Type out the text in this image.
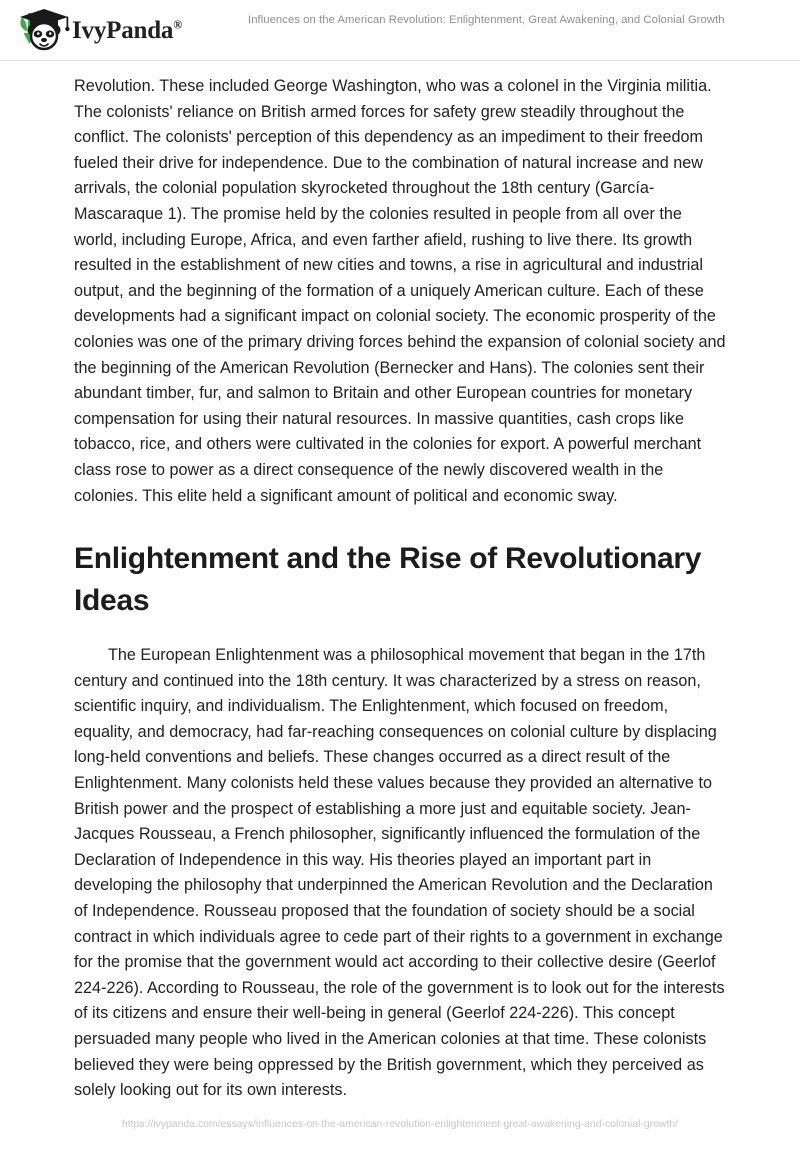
IvyPanda®	Influences on the American Revolution: Enlightenment, Great Awakening, and Colonial Growth

Revolution. These included George Washington, who was a colonel in the Virginia militia. The colonists' reliance on British armed forces for safety grew steadily throughout the conflict. The colonists' perception of this dependency as an impediment to their freedom fueled their drive for independence. Due to the combination of natural increase and new arrivals, the colonial population skyrocketed throughout the 18th century (García-Mascaraque 1). The promise held by the colonies resulted in people from all over the world, including Europe, Africa, and even farther afield, rushing to live there. Its growth resulted in the establishment of new cities and towns, a rise in agricultural and industrial output, and the beginning of the formation of a uniquely American culture. Each of these developments had a significant impact on colonial society. The economic prosperity of the colonies was one of the primary driving forces behind the expansion of colonial society and the beginning of the American Revolution (Bernecker and Hans). The colonies sent their abundant timber, fur, and salmon to Britain and other European countries for monetary compensation for using their natural resources. In massive quantities, cash crops like tobacco, rice, and others were cultivated in the colonies for export. A powerful merchant class rose to power as a direct consequence of the newly discovered wealth in the colonies. This elite held a significant amount of political and economic sway.

Enlightenment and the Rise of Revolutionary Ideas

The European Enlightenment was a philosophical movement that began in the 17th century and continued into the 18th century. It was characterized by a stress on reason, scientific inquiry, and individualism. The Enlightenment, which focused on freedom, equality, and democracy, had far-reaching consequences on colonial culture by displacing long-held conventions and beliefs. These changes occurred as a direct result of the Enlightenment. Many colonists held these values because they provided an alternative to British power and the prospect of establishing a more just and equitable society. Jean-Jacques Rousseau, a French philosopher, significantly influenced the formulation of the Declaration of Independence in this way. His theories played an important part in developing the philosophy that underpinned the American Revolution and the Declaration of Independence. Rousseau proposed that the foundation of society should be a social contract in which individuals agree to cede part of their rights to a government in exchange for the promise that the government would act according to their collective desire (Geerlof 224-226). According to Rousseau, the role of the government is to look out for the interests of its citizens and ensure their well-being in general (Geerlof 224-226). This concept persuaded many people who lived in the American colonies at that time. These colonists believed they were being oppressed by the British government, which they perceived as solely looking out for its own interests.

https://ivypanda.com/essays/influences-on-the-american-revolution-enlightenment-great-awakening-and-colonial-growth/
